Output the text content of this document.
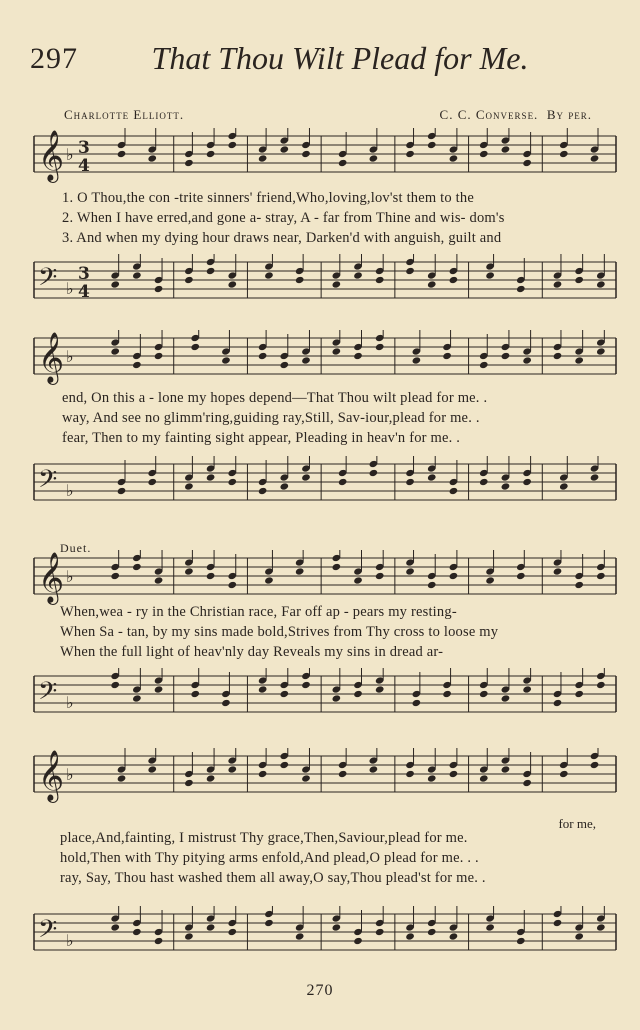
297	That Thou Wilt Plead for Me.
Charlotte Elliott.	C. C. Converse. By per.
Duet.
𝄞 ♭ 3
4
1. O Thou,the con -trite sinners' friend,Who,loving,lov'st them to the
2. When I have erred,and gone a- stray, A - far from Thine and wis- dom's
3. And when my dying hour draws near, Darken'd with anguish, guilt and
𝄢 ♭
3
4
𝄞 ♭
end, On this a - lone my hopes depend—That Thou wilt plead for me. .
way, And see no glimm'ring,guiding ray,Still, Sav-iour,plead for me. .
fear, Then to my fainting sight appear, Pleading in heav'n for me. .
𝄢 ♭
𝄞 ♭
When,wea - ry in the Christian race, Far off ap - pears my resting-
When Sa - tan, by my sins made bold,Strives from Thy cross to loose my
When the full light of heav'nly day Reveals my sins in dread ar-
𝄢 ♭
𝄞 ♭
for me,
place,And,fainting, I mistrust Thy grace,Then,Saviour,plead for me.
hold,Then with Thy pitying arms enfold,And plead,O plead for me. . .
ray, Say, Thou hast washed them all away,O say,Thou plead'st for me. .
𝄢 ♭
270
